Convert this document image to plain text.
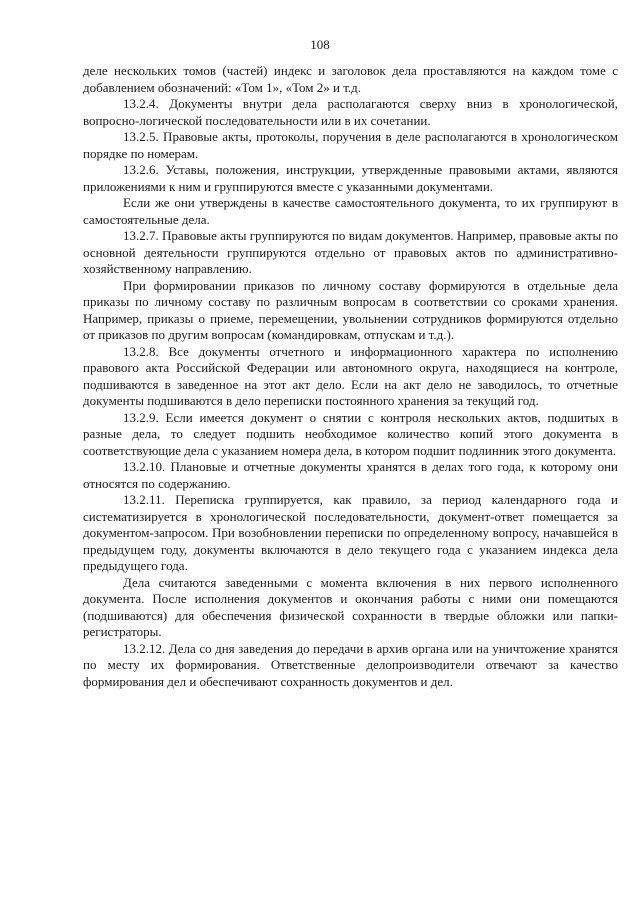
108

деле нескольких томов (частей) индекс и заголовок дела проставляются на каждом томе с добавлением обозначений: «Том 1», «Том 2» и т.д.

13.2.4. Документы внутри дела располагаются сверху вниз в хронологической, вопросно-логической последовательности или в их сочетании.

13.2.5. Правовые акты, протоколы, поручения в деле располагаются в хронологическом порядке по номерам.

13.2.6. Уставы, положения, инструкции, утвержденные правовыми актами, являются приложениями к ним и группируются вместе с указанными документами.

Если же они утверждены в качестве самостоятельного документа, то их группируют в самостоятельные дела.

13.2.7. Правовые акты группируются по видам документов. Например, правовые акты по основной деятельности группируются отдельно от правовых актов по административно-хозяйственному направлению.

При формировании приказов по личному составу формируются в отдельные дела приказы по личному составу по различным вопросам в соответствии со сроками хранения. Например, приказы о приеме, перемещении, увольнении сотрудников формируются отдельно от приказов по другим вопросам (командировкам, отпускам и т.д.).

13.2.8. Все документы отчетного и информационного характера по исполнению правового акта Российской Федерации или автономного округа, находящиеся на контроле, подшиваются в заведенное на этот акт дело. Если на акт дело не заводилось, то отчетные документы подшиваются в дело переписки постоянного хранения за текущий год.

13.2.9. Если имеется документ о снятии с контроля нескольких актов, подшитых в разные дела, то следует подшить необходимое количество копий этого документа в соответствующие дела с указанием номера дела, в котором подшит подлинник этого документа.

13.2.10. Плановые и отчетные документы хранятся в делах того года, к которому они относятся по содержанию.

13.2.11. Переписка группируется, как правило, за период календарного года и систематизируется в хронологической последовательности, документ-ответ помещается за документом-запросом. При возобновлении переписки по определенному вопросу, начавшейся в предыдущем году, документы включаются в дело текущего года с указанием индекса дела предыдущего года.

Дела считаются заведенными с момента включения в них первого исполненного документа. После исполнения документов и окончания работы с ними они помещаются (подшиваются) для обеспечения физической сохранности в твердые обложки или папки-регистраторы.

13.2.12. Дела со дня заведения до передачи в архив органа или на уничтожение хранятся по месту их формирования. Ответственные делопроизводители отвечают за качество формирования дел и обеспечивают сохранность документов и дел.
